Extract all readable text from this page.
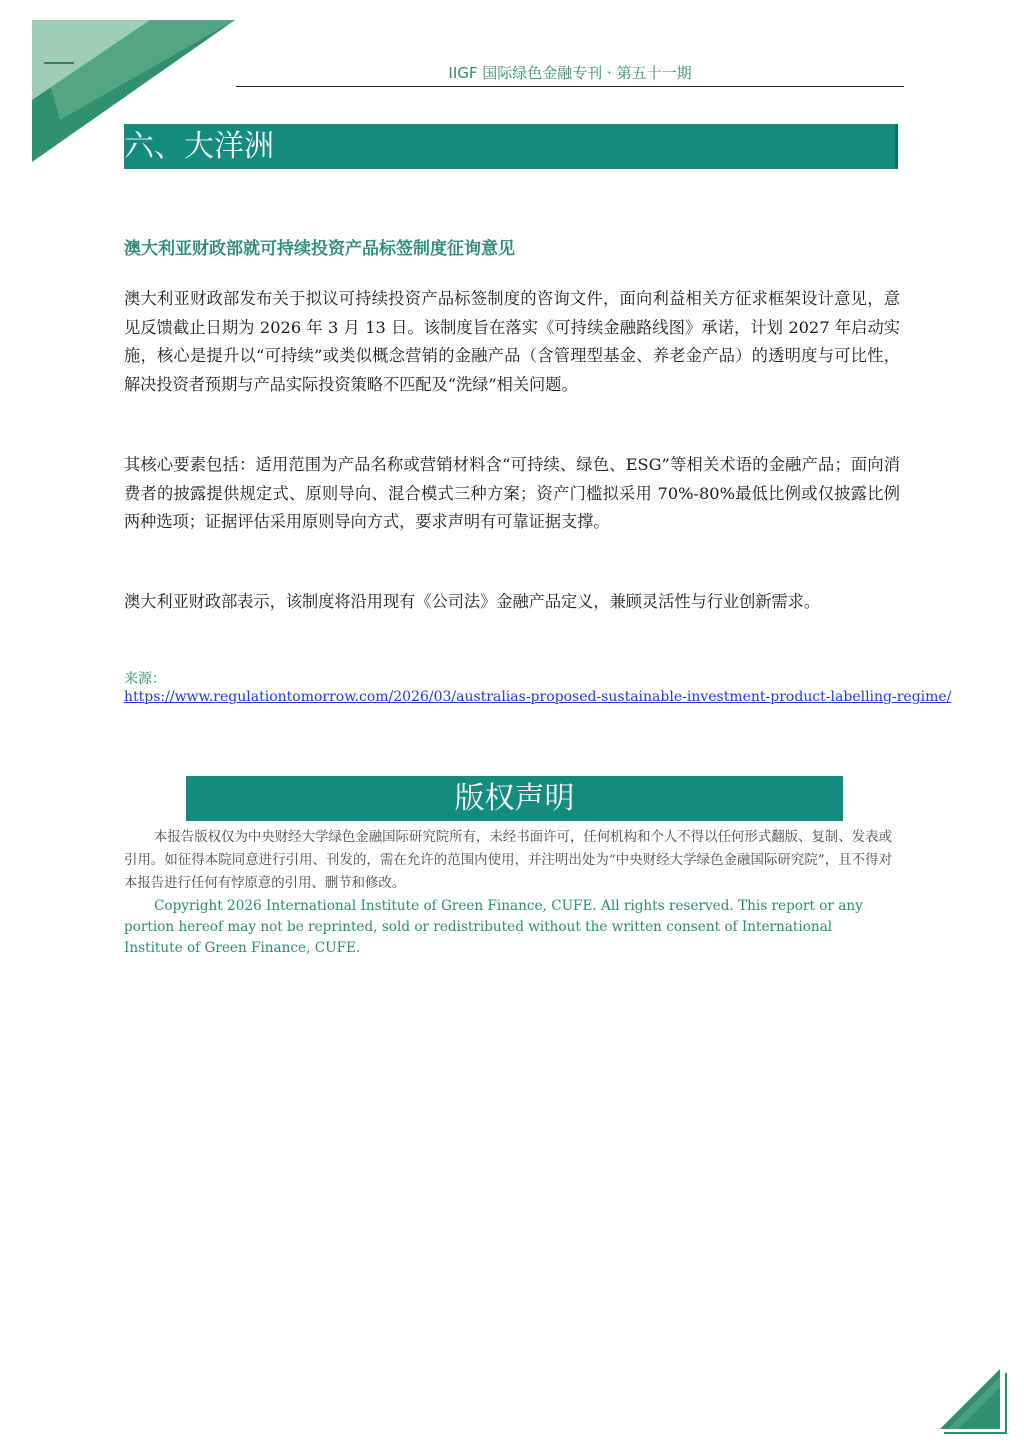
IIGF 国际绿色金融专刊 · 第五十一期
六、大洋洲
澳大利亚财政部就可持续投资产品标签制度征询意见

澳大利亚财政部发布关于拟议可持续投资产品标签制度的咨询文件，面向利益相关方征求框架设计意见，意见反馈截止日期为 2026 年 3 月 13 日。该制度旨在落实《可持续金融路线图》承诺，计划 2027 年启动实施，核心是提升以“可持续”或类似概念营销的金融产品（含管理型基金、养老金产品）的透明度与可比性，解决投资者预期与产品实际投资策略不匹配及“洗绿”相关问题。

其核心要素包括：适用范围为产品名称或营销材料含“可持续、绿色、ESG”等相关术语的金融产品；面向消费者的披露提供规定式、原则导向、混合模式三种方案；资产门槛拟采用 70%-80%最低比例或仅披露比例两种选项；证据评估采用原则导向方式，要求声明有可靠证据支撑。

澳大利亚财政部表示，该制度将沿用现有《公司法》金融产品定义，兼顾灵活性与行业创新需求。

来源：
https://www.regulationtomorrow.com/2026/03/australias-proposed-sustainable-investment-product-labelling-regime/
版权声明

本报告版权仅为中央财经大学绿色金融国际研究院所有，未经书面许可，任何机构和个人不得以任何形式翻版、复制、发表或引用。如征得本院同意进行引用、刊发的，需在允许的范围内使用，并注明出处为“中央财经大学绿色金融国际研究院”，且不得对本报告进行任何有悖原意的引用、删节和修改。

Copyright 2026 International Institute of Green Finance, CUFE. All rights reserved. This report or any portion hereof may not be reprinted, sold or redistributed without the written consent of International Institute of Green Finance, CUFE.
